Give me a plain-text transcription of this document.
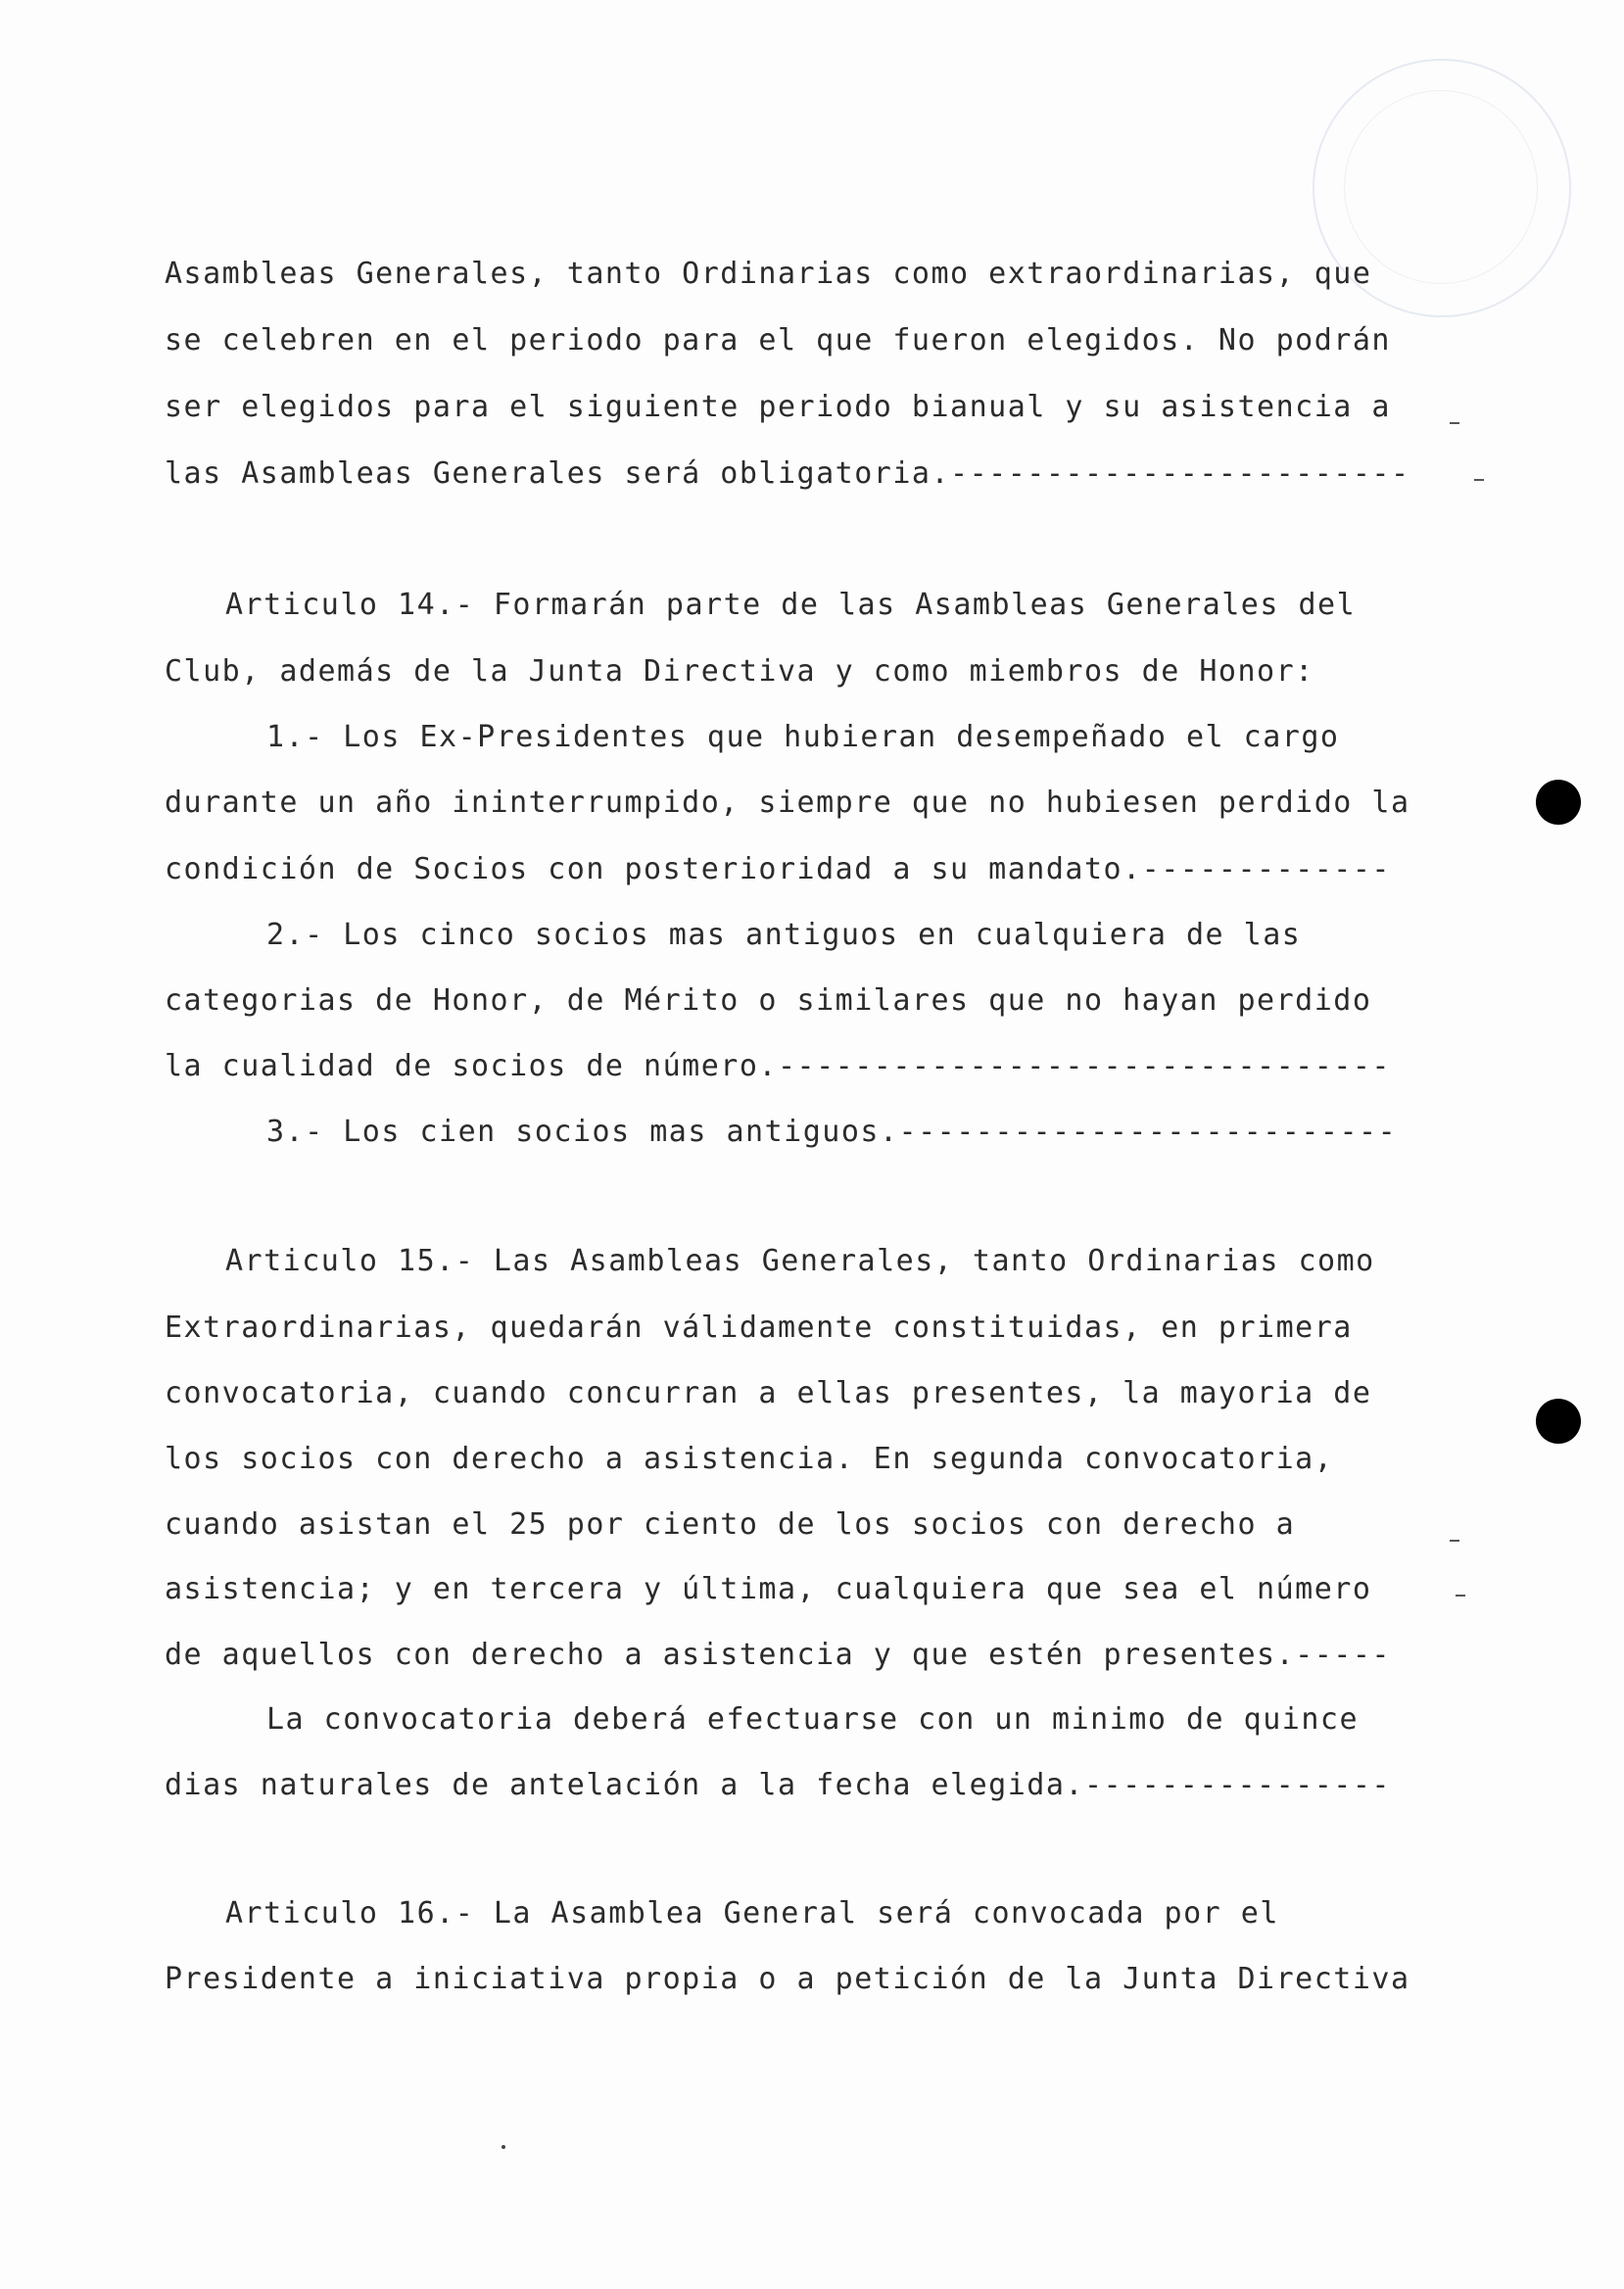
Asambleas Generales, tanto Ordinarias como extraordinarias, que
se celebren en el periodo para el que fueron elegidos. No podrán
ser elegidos para el siguiente periodo bianual y su asistencia a
las Asambleas Generales será obligatoria.------------------------
Articulo 14.- Formarán parte de las Asambleas Generales del
Club, además de la Junta Directiva y como miembros de Honor:
1.- Los Ex-Presidentes que hubieran desempeñado el cargo
durante un año ininterrumpido, siempre que no hubiesen perdido la
condición de Socios con posterioridad a su mandato.-------------
2.- Los cinco socios mas antiguos en cualquiera de las
categorias de Honor, de Mérito o similares que no hayan perdido
la cualidad de socios de número.--------------------------------
3.- Los cien socios mas antiguos.--------------------------
Articulo 15.- Las Asambleas Generales, tanto Ordinarias como
Extraordinarias, quedarán válidamente constituidas, en primera
convocatoria, cuando concurran a ellas presentes, la mayoria de
los socios con derecho a asistencia. En segunda convocatoria,
cuando asistan el 25 por ciento de los socios con derecho a
asistencia; y en tercera y última, cualquiera que sea el número
de aquellos con derecho a asistencia y que estén presentes.-----
La convocatoria deberá efectuarse con un minimo de quince
dias naturales de antelación a la fecha elegida.----------------
Articulo 16.- La Asamblea General será convocada por el
Presidente a iniciativa propia o a petición de la Junta Directiva
